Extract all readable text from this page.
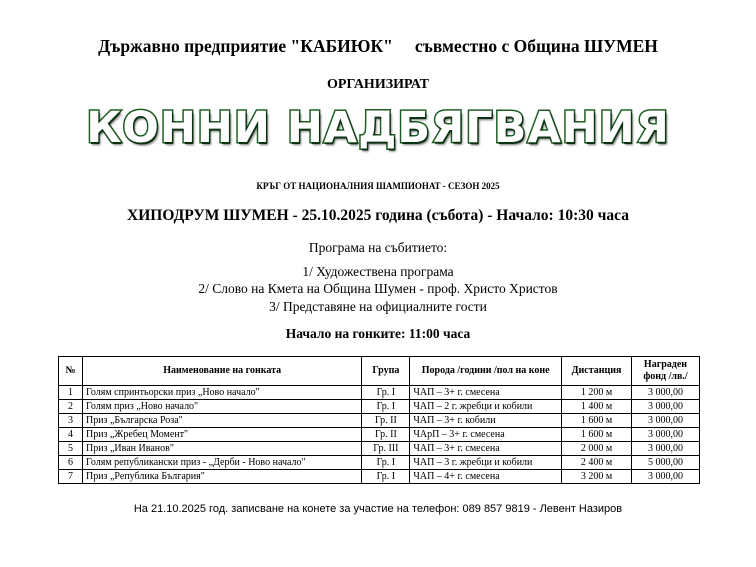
Държавно предприятие "КАБИЮК" съвместно с Община ШУМЕН
ОРГАНИЗИРАТ
КОННИ НАДБЯГВАНИЯ
КРЪГ ОТ НАЦИОНАЛНИЯ ШАМПИОНАТ - СЕЗОН 2025
ХИПОДРУМ ШУМЕН - 25.10.2025 година (събота) - Начало: 10:30 часа
Програма на събитието:
1/ Художествена програма
2/ Слово на Кмета на Община Шумен - проф. Христо Христов
3/ Представяне на официалните гости
Начало на гонките: 11:00 часа
№	Наименование на гонката	Група	Порода /години /пол на коне	Дистанция	Награден фонд /лв./
1	Голям спринтьорски приз „Ново начало"	Гр. I	ЧАП – 3+ г. смесена	1 200 м	3 000,00
2	Голям приз „Ново начало"	Гр. I	ЧАП – 2 г. жребци и кобили	1 400 м	3 000,00
3	Приз „Българска Роза"	Гр. II	ЧАП – 3+ г. кобили	1 600 м	3 000,00
4	Приз „Жребец Момент"	Гр. II	ЧАрП – 3+ г. смесена	1 600 м	3 000,00
5	Приз „Иван Иванов"	Гр. III	ЧАП – 3+ г. смесена	2 000 м	3 000,00
6	Голям републикански приз - „Дерби - Ново начало"	Гр. I	ЧАП – 3 г. жребци и кобили	2 400 м	5 000,00
7	Приз „Република България"	Гр. I	ЧАП – 4+ г. смесена	3 200 м	3 000,00
На 21.10.2025 год. записване на конете за участие на телефон: 089 857 9819 - Левент Назиров
